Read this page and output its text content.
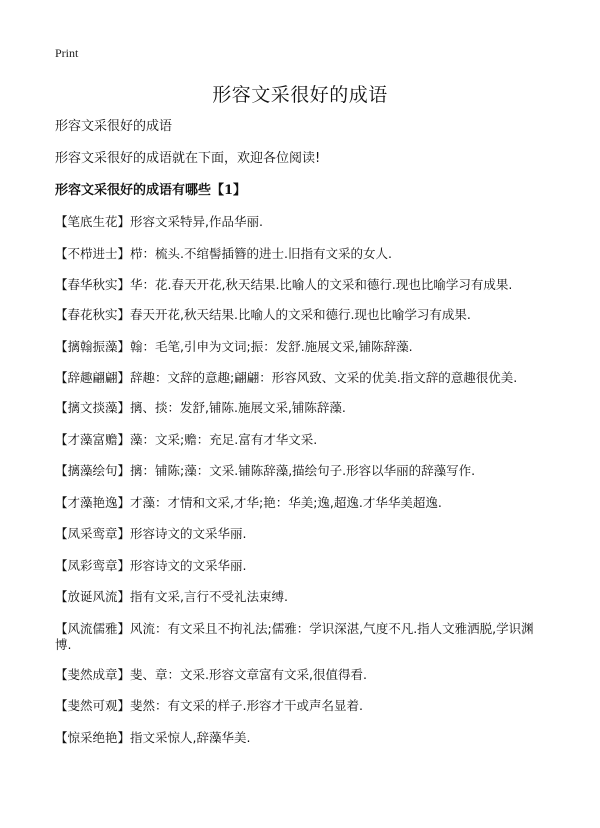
Print
形容文采很好的成语

形容文采很好的成语

形容文采很好的成语就在下面，欢迎各位阅读!

形容文采很好的成语有哪些【1】

【笔底生花】形容文采特异,作品华丽.

【不栉进士】栉：梳头.不绾髻插簪的进士.旧指有文采的女人.

【春华秋实】华：花.春天开花,秋天结果.比喻人的文采和德行.现也比喻学习有成果.

【春花秋实】春天开花,秋天结果.比喻人的文采和德行.现也比喻学习有成果.

【摛翰振藻】翰：毛笔,引申为文词;振：发舒.施展文采,铺陈辞藻.

【辞趣翩翩】辞趣：文辞的意趣;翩翩：形容风致、文采的优美.指文辞的意趣很优美.

【摛文掞藻】摛、掞：发舒,铺陈.施展文采,铺陈辞藻.

【才藻富赡】藻：文采;赡：充足.富有才华文采.

【摛藻绘句】摛：铺陈;藻：文采.铺陈辞藻,描绘句子.形容以华丽的辞藻写作.

【才藻艳逸】才藻：才情和文采,才华;艳：华美;逸,超逸.才华华美超逸.

【凤采鸾章】形容诗文的文采华丽.

【凤彩鸾章】形容诗文的文采华丽.

【放诞风流】指有文采,言行不受礼法束缚.

【风流儒雅】风流：有文采且不拘礼法;儒雅：学识深湛,气度不凡.指人文雅洒脱,学识渊博.

【斐然成章】斐、章：文采.形容文章富有文采,很值得看.

【斐然可观】斐然：有文采的样子.形容才干或声名显着.

【惊采绝艳】指文采惊人,辞藻华美.
